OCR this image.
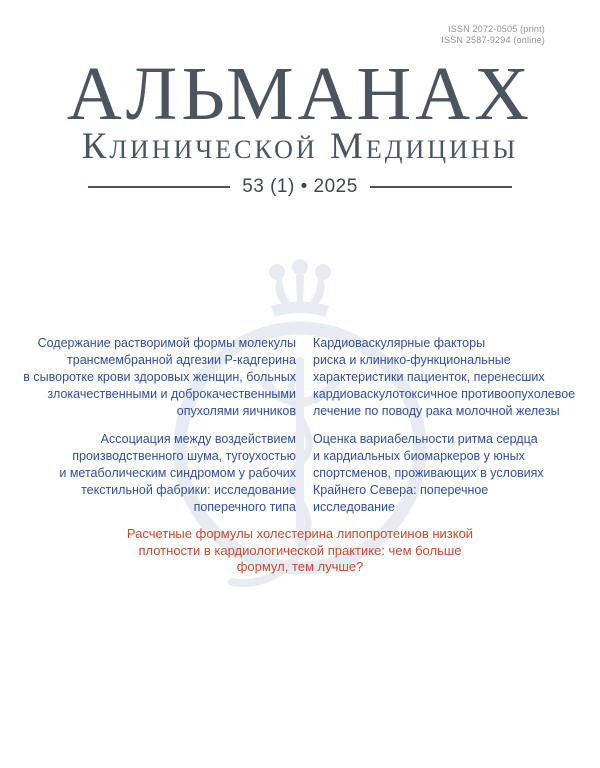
ISSN 2072-0505 (print)
ISSN 2587-9294 (online)
АЛЬМАНАХ
Клинической Медицины
53 (1) • 2025
Содержание растворимой формы молекулы
трансмембранной адгезии Р-кадгерина
в сыворотке крови здоровых женщин, больных
злокачественными и доброкачественными
опухолями яичников
Кардиоваскулярные факторы
риска и клинико-функциональные
характеристики пациенток, перенесших
кардиоваскулотоксичное противоопухолевое
лечение по поводу рака молочной железы
Ассоциация между воздействием
производственного шума, тугоухостью
и метаболическим синдромом у рабочих
текстильной фабрики: исследование
поперечного типа
Оценка вариабельности ритма сердца
и кардиальных биомаркеров у юных
спортсменов, проживающих в условиях
Крайнего Севера: поперечное
исследование
Расчетные формулы холестерина липопротеинов низкой
плотности в кардиологической практике: чем больше
формул, тем лучше?
